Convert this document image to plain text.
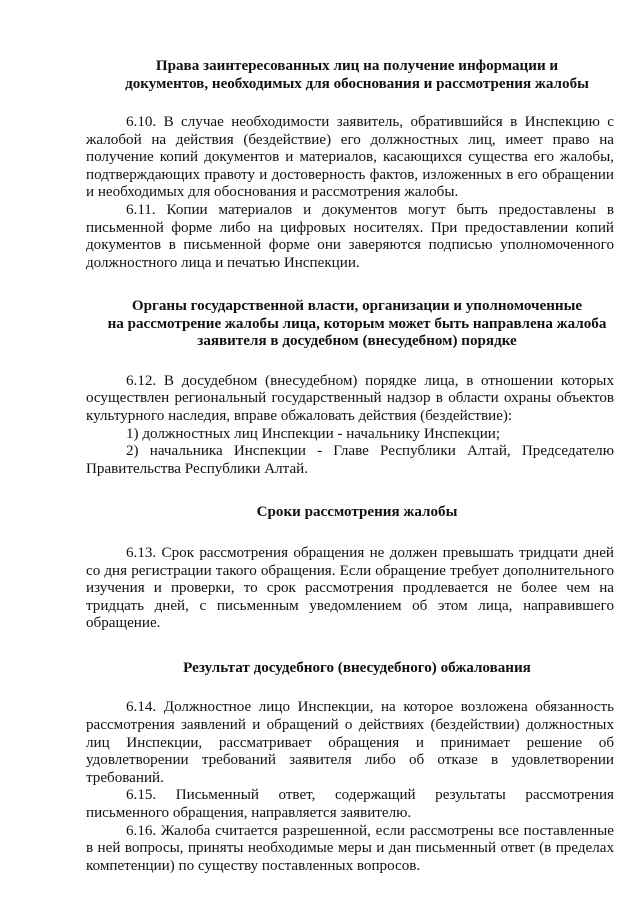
Права заинтересованных лиц на получение информации и
документов, необходимых для обоснования и рассмотрения жалобы

6.10. В случае необходимости заявитель, обратившийся в Инспекцию с жалобой на действия (бездействие) его должностных лиц, имеет право на получение копий документов и материалов, касающихся существа его жалобы, подтверждающих правоту и достоверность фактов, изложенных в его обращении и необходимых для обоснования и рассмотрения жалобы.

6.11. Копии материалов и документов могут быть предоставлены в письменной форме либо на цифровых носителях. При предоставлении копий документов в письменной форме они заверяются подписью уполномоченного должностного лица и печатью Инспекции.

Органы государственной власти, организации и уполномоченные
на рассмотрение жалобы лица, которым может быть направлена жалоба
заявителя в досудебном (внесудебном) порядке

6.12. В досудебном (внесудебном) порядке лица, в отношении которых осуществлен региональный государственный надзор в области охраны объектов культурного наследия, вправе обжаловать действия (бездействие):

1) должностных лиц Инспекции - начальнику Инспекции;

2) начальника Инспекции - Главе Республики Алтай, Председателю Правительства Республики Алтай.

Сроки рассмотрения жалобы

6.13. Срок рассмотрения обращения не должен превышать тридцати дней со дня регистрации такого обращения. Если обращение требует дополнительного изучения и проверки, то срок рассмотрения продлевается не более чем на тридцать дней, с письменным уведомлением об этом лица, направившего обращение.

Результат досудебного (внесудебного) обжалования

6.14. Должностное лицо Инспекции, на которое возложена обязанность рассмотрения заявлений и обращений о действиях (бездействии) должностных лиц Инспекции, рассматривает обращения и принимает решение об удовлетворении требований заявителя либо об отказе в удовлетворении требований.

6.15. Письменный ответ, содержащий результаты рассмотрения письменного обращения, направляется заявителю.

6.16. Жалоба считается разрешенной, если рассмотрены все поставленные в ней вопросы, приняты необходимые меры и дан письменный ответ (в пределах компетенции) по существу поставленных вопросов.
